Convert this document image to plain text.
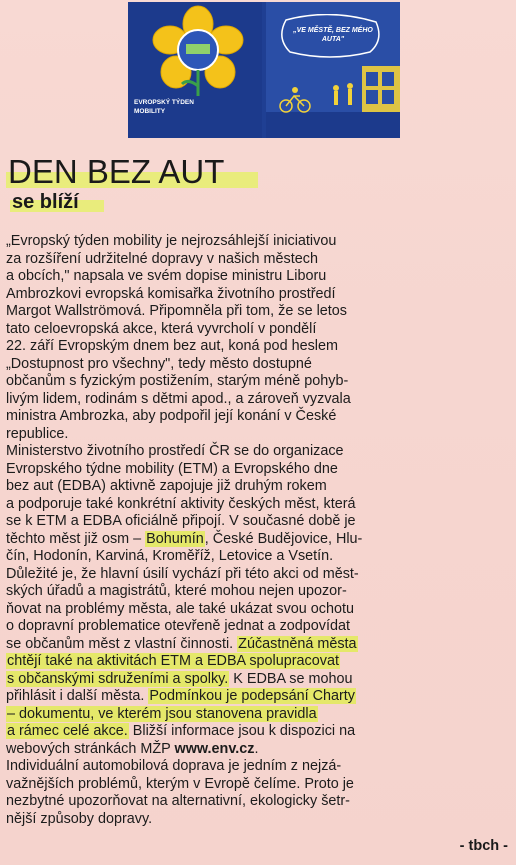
EVROPSKÝ TÝDEN MOBILITY
„VE MĚSTĚ, BEZ MÉHO AUTA"
DEN BEZ AUT
se blíží
„Evropský týden mobility je nejrozsáhlejší iniciativou
za rozšíření udržitelné dopravy v našich městech
a obcích," napsala ve svém dopise ministru Liboru
Ambrozkovi evropská komisařka životního prostředí
Margot Wallströmová. Připomněla při tom, že se letos
tato celoevropská akce, která vyvrcholí v pondělí
22. září Evropským dnem bez aut, koná pod heslem
„Dostupnost pro všechny", tedy město dostupné
občanům s fyzickým postižením, starým méně pohyb-
livým lidem, rodinám s dětmi apod., a zároveň vyzvala
ministra Ambrozka, aby podpořil její konání v České
republice.
Ministerstvo životního prostředí ČR se do organizace
Evropského týdne mobility (ETM) a Evropského dne
bez aut (EDBA) aktivně zapojuje již druhým rokem
a podporuje také konkrétní aktivity českých měst, která
se k ETM a EDBA oficiálně připojí. V současné době je
těchto měst již osm – Bohumín, České Budějovice, Hlu-
čín, Hodonín, Karviná, Kroměříž, Letovice a Vsetín.
Důležité je, že hlavní úsilí vychází při této akci od měst-
ských úřadů a magistrátů, které mohou nejen upozor-
ňovat na problémy města, ale také ukázat svou ochotu
o dopravní problematice otevřeně jednat a zodpovídat
se občanům měst z vlastní činnosti. Zúčastněná města
chtějí také na aktivitách ETM a EDBA spolupracovat
s občanskými sdruženími a spolky. K EDBA se mohou
přihlásit i další města. Podmínkou je podepsání Charty
– dokumentu, ve kterém jsou stanovena pravidla
a rámec celé akce. Bližší informace jsou k dispozici na
webových stránkách MŽP www.env.cz.
Individuální automobilová doprava je jedním z nejzá-
važnějších problémů, kterým v Evropě čelíme. Proto je
nezbytné upozorňovat na alternativní, ekologicky šetr-
nější způsoby dopravy.
- tbch -
